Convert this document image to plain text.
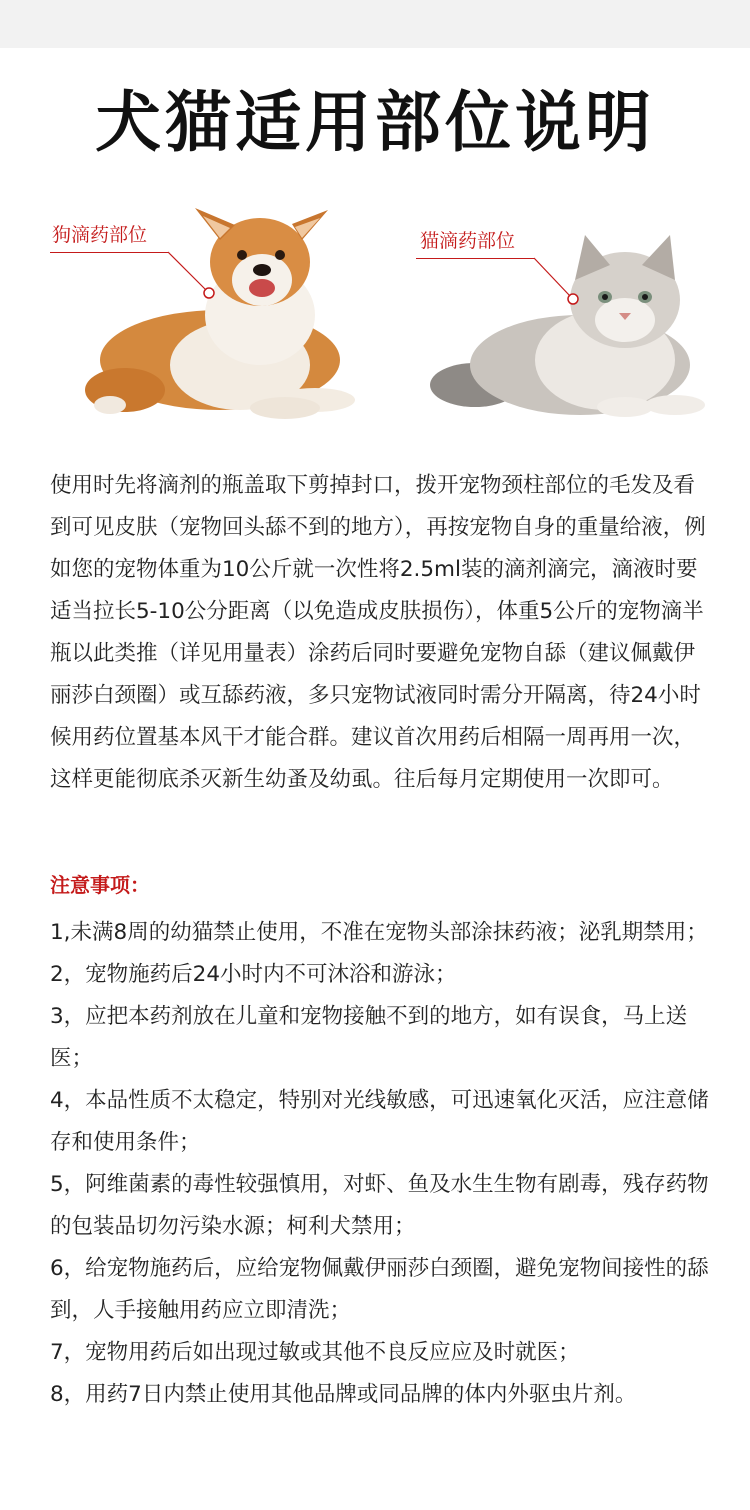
犬猫适用部位说明
狗滴药部位	猫滴药部位

使用时先将滴剂的瓶盖取下剪掉封口，拨开宠物颈柱部位的毛发及看到可见皮肤（宠物回头舔不到的地方），再按宠物自身的重量给液，例如您的宠物体重为10公斤就一次性将2.5ml装的滴剂滴完，滴液时要适当拉长5-10公分距离（以免造成皮肤损伤），体重5公斤的宠物滴半瓶以此类推（详见用量表）涂药后同时要避免宠物自舔（建议佩戴伊丽莎白颈圈）或互舔药液，多只宠物试液同时需分开隔离，待24小时候用药位置基本风干才能合群。建议首次用药后相隔一周再用一次，这样更能彻底杀灭新生幼蚤及幼虱。往后每月定期使用一次即可。

注意事项：
1,未满8周的幼猫禁止使用，不准在宠物头部涂抹药液；泌乳期禁用；
2，宠物施药后24小时内不可沐浴和游泳；
3，应把本药剂放在儿童和宠物接触不到的地方，如有误食，马上送医；
4，本品性质不太稳定，特别对光线敏感，可迅速氧化灭活，应注意储存和使用条件；
5，阿维菌素的毒性较强慎用，对虾、鱼及水生生物有剧毒，残存药物的包装品切勿污染水源；柯利犬禁用；
6，给宠物施药后，应给宠物佩戴伊丽莎白颈圈，避免宠物间接性的舔到，人手接触用药应立即清洗；
7，宠物用药后如出现过敏或其他不良反应应及时就医；
8，用药7日内禁止使用其他品牌或同品牌的体内外驱虫片剂。
